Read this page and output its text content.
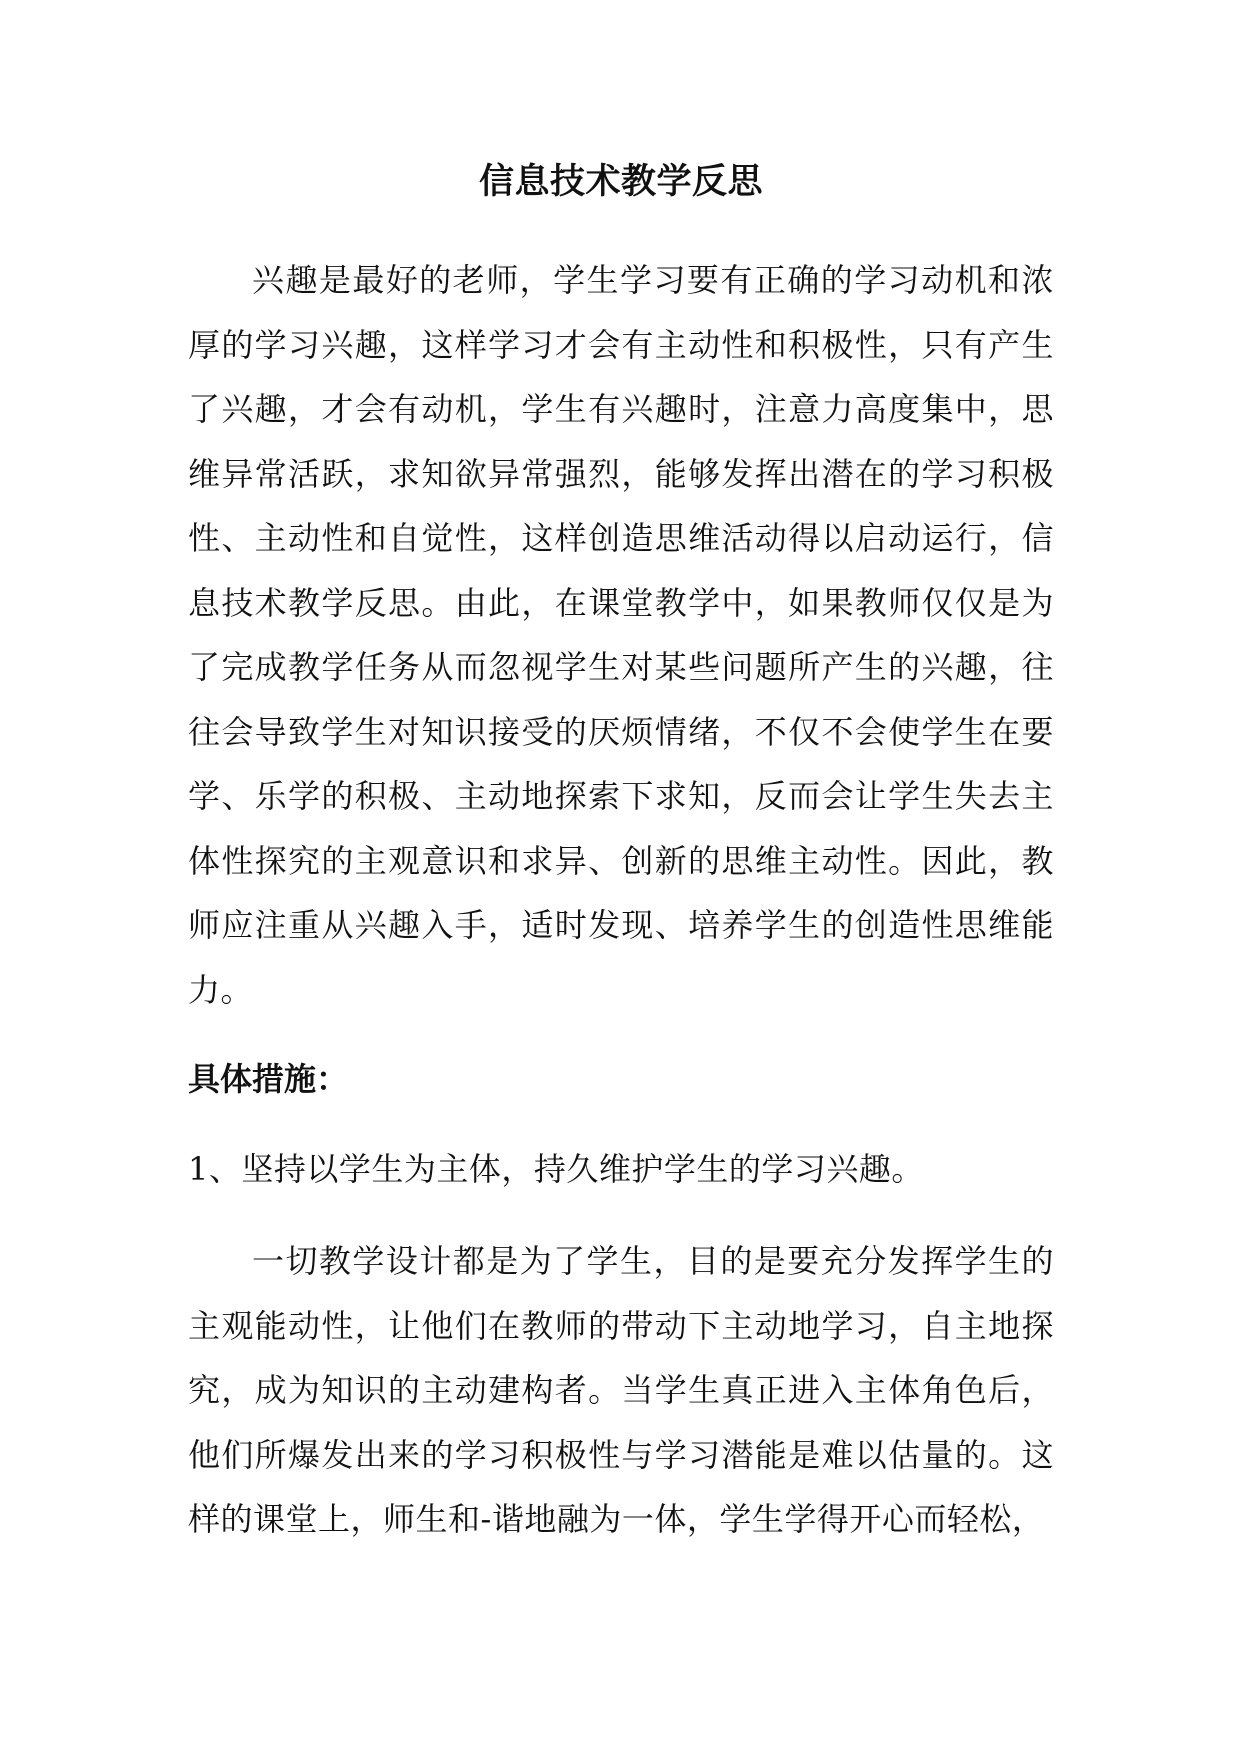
信息技术教学反思

兴趣是最好的老师，学生学习要有正确的学习动机和浓厚的学习兴趣，这样学习才会有主动性和积极性，只有产生了兴趣，才会有动机，学生有兴趣时，注意力高度集中，思维异常活跃，求知欲异常强烈，能够发挥出潜在的学习积极性、主动性和自觉性，这样创造思维活动得以启动运行，信息技术教学反思。由此，在课堂教学中，如果教师仅仅是为了完成教学任务从而忽视学生对某些问题所产生的兴趣，往往会导致学生对知识接受的厌烦情绪，不仅不会使学生在要学、乐学的积极、主动地探索下求知，反而会让学生失去主体性探究的主观意识和求异、创新的思维主动性。因此，教师应注重从兴趣入手，适时发现、培养学生的创造性思维能力。

具体措施：

1、坚持以学生为主体，持久维护学生的学习兴趣。

一切教学设计都是为了学生，目的是要充分发挥学生的主观能动性，让他们在教师的带动下主动地学习，自主地探究，成为知识的主动建构者。当学生真正进入主体角色后，他们所爆发出来的学习积极性与学习潜能是难以估量的。这样的课堂上，师生和-谐地融为一体，学生学得开心而轻松，
